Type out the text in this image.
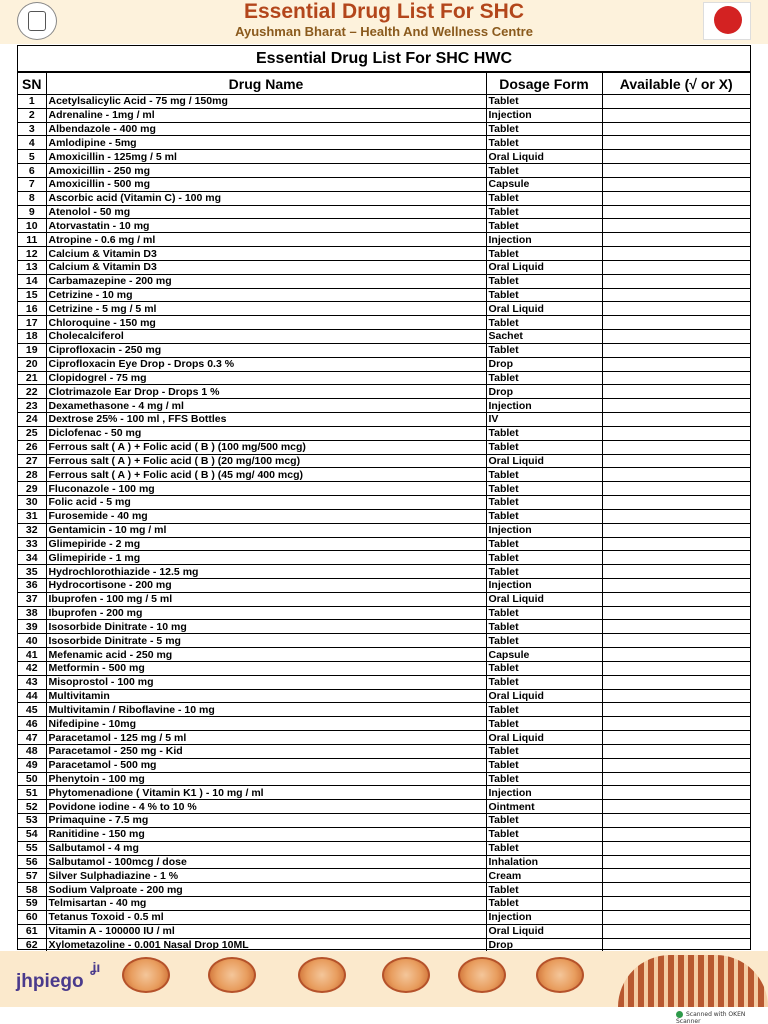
Essential Drug List For SHC
Ayushman Bharat – Health And Wellness Centre
Essential Drug List For SHC HWC
SN	Drug Name	Dosage Form	Available (√ or X)
1	Acetylsalicylic Acid - 75 mg / 150mg	Tablet	
2	Adrenaline - 1mg / ml	Injection	
3	Albendazole - 400 mg	Tablet	
4	Amlodipine - 5mg	Tablet	
5	Amoxicillin - 125mg / 5 ml	Oral Liquid	
6	Amoxicillin - 250 mg	Tablet	
7	Amoxicillin - 500 mg	Capsule	
8	Ascorbic acid (Vitamin C) - 100 mg	Tablet	
9	Atenolol - 50 mg	Tablet	
10	Atorvastatin - 10 mg	Tablet	
11	Atropine - 0.6 mg / ml	Injection	
12	Calcium & Vitamin D3	Tablet	
13	Calcium & Vitamin D3	Oral Liquid	
14	Carbamazepine - 200 mg	Tablet	
15	Cetrizine - 10 mg	Tablet	
16	Cetrizine - 5 mg / 5 ml	Oral Liquid	
17	Chloroquine - 150 mg	Tablet	
18	Cholecalciferol	Sachet	
19	Ciprofloxacin - 250 mg	Tablet	
20	Ciprofloxacin Eye Drop - Drops 0.3 %	Drop	
21	Clopidogrel - 75 mg	Tablet	
22	Clotrimazole Ear Drop - Drops 1 %	Drop	
23	Dexamethasone - 4 mg / ml	Injection	
24	Dextrose 25% - 100 ml , FFS Bottles	IV	
25	Diclofenac - 50 mg	Tablet	
26	Ferrous salt ( A ) + Folic acid ( B ) (100 mg/500 mcg)	Tablet	
27	Ferrous salt ( A ) + Folic acid ( B ) (20 mg/100 mcg)	Oral Liquid	
28	Ferrous salt ( A ) + Folic acid ( B ) (45 mg/ 400 mcg)	Tablet	
29	Fluconazole - 100 mg	Tablet	
30	Folic acid - 5 mg	Tablet	
31	Furosemide - 40 mg	Tablet	
32	Gentamicin - 10 mg / ml	Injection	
33	Glimepiride - 2 mg	Tablet	
34	Glimepiride - 1 mg	Tablet	
35	Hydrochlorothiazide - 12.5 mg	Tablet	
36	Hydrocortisone - 200 mg	Injection	
37	Ibuprofen - 100 mg / 5 ml	Oral Liquid	
38	Ibuprofen - 200 mg	Tablet	
39	Isosorbide Dinitrate - 10 mg	Tablet	
40	Isosorbide Dinitrate - 5 mg	Tablet	
41	Mefenamic acid - 250 mg	Capsule	
42	Metformin - 500 mg	Tablet	
43	Misoprostol - 100 mg	Tablet	
44	Multivitamin	Oral Liquid	
45	Multivitamin / Riboflavine - 10 mg	Tablet	
46	Nifedipine - 10mg	Tablet	
47	Paracetamol - 125 mg / 5 ml	Oral Liquid	
48	Paracetamol - 250 mg - Kid	Tablet	
49	Paracetamol - 500 mg	Tablet	
50	Phenytoin - 100 mg	Tablet	
51	Phytomenadione ( Vitamin K1 ) - 10 mg / ml	Injection	
52	Povidone iodine - 4 % to 10 %	Ointment	
53	Primaquine - 7.5 mg	Tablet	
54	Ranitidine - 150 mg	Tablet	
55	Salbutamol - 4 mg	Tablet	
56	Salbutamol - 100mcg / dose	Inhalation	
57	Silver Sulphadiazine - 1 %	Cream	
58	Sodium Valproate - 200 mg	Tablet	
59	Telmisartan - 40 mg	Tablet	
60	Tetanus Toxoid - 0.5 ml	Injection	
61	Vitamin A - 100000 IU / ml	Oral Liquid	
62	Xylometazoline - 0.001 Nasal Drop 10ML	Drop	
ʝı
jhpiego
Scanned with OKEN Scanner
